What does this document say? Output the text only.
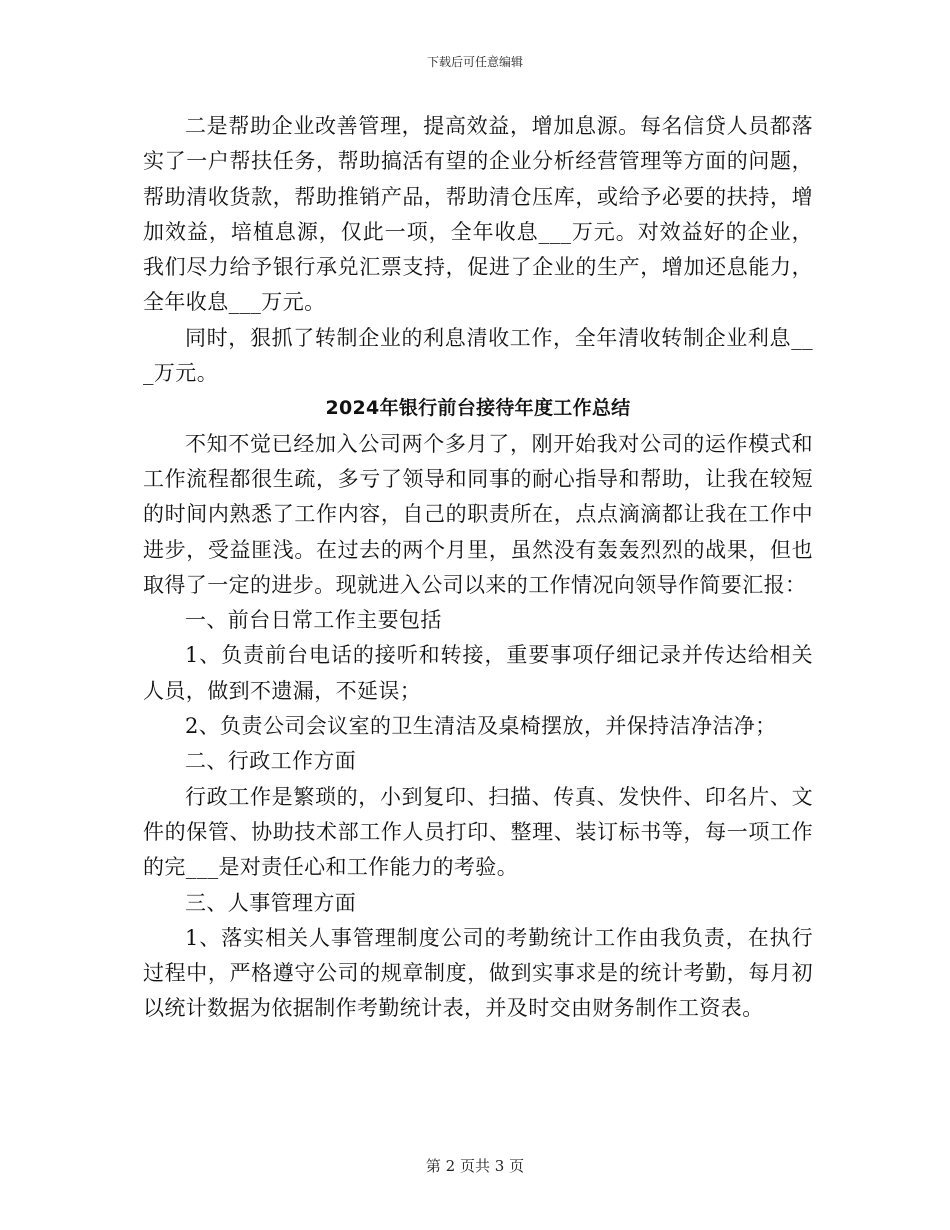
下载后可任意编辑

二是帮助企业改善管理，提高效益，增加息源。每名信贷人员都落实了一户帮扶任务，帮助搞活有望的企业分析经营管理等方面的问题，帮助清收货款，帮助推销产品，帮助清仓压库，或给予必要的扶持，增加效益，培植息源，仅此一项，全年收息___万元。对效益好的企业，我们尽力给予银行承兑汇票支持，促进了企业的生产，增加还息能力，全年收息___万元。

同时，狠抓了转制企业的利息清收工作，全年清收转制企业利息___万元。

2024年银行前台接待年度工作总结

不知不觉已经加入公司两个多月了，刚开始我对公司的运作模式和工作流程都很生疏，多亏了领导和同事的耐心指导和帮助，让我在较短的时间内熟悉了工作内容，自己的职责所在，点点滴滴都让我在工作中进步，受益匪浅。在过去的两个月里，虽然没有轰轰烈烈的战果，但也取得了一定的进步。现就进入公司以来的工作情况向领导作简要汇报：

一、前台日常工作主要包括

1、负责前台电话的接听和转接，重要事项仔细记录并传达给相关人员，做到不遗漏，不延误；

2、负责公司会议室的卫生清洁及桌椅摆放，并保持洁净洁净；

二、行政工作方面

行政工作是繁琐的，小到复印、扫描、传真、发快件、印名片、文件的保管、协助技术部工作人员打印、整理、装订标书等，每一项工作的完___是对责任心和工作能力的考验。

三、人事管理方面

1、落实相关人事管理制度公司的考勤统计工作由我负责，在执行过程中，严格遵守公司的规章制度，做到实事求是的统计考勤，每月初以统计数据为依据制作考勤统计表，并及时交由财务制作工资表。

第 2 页共 3 页
